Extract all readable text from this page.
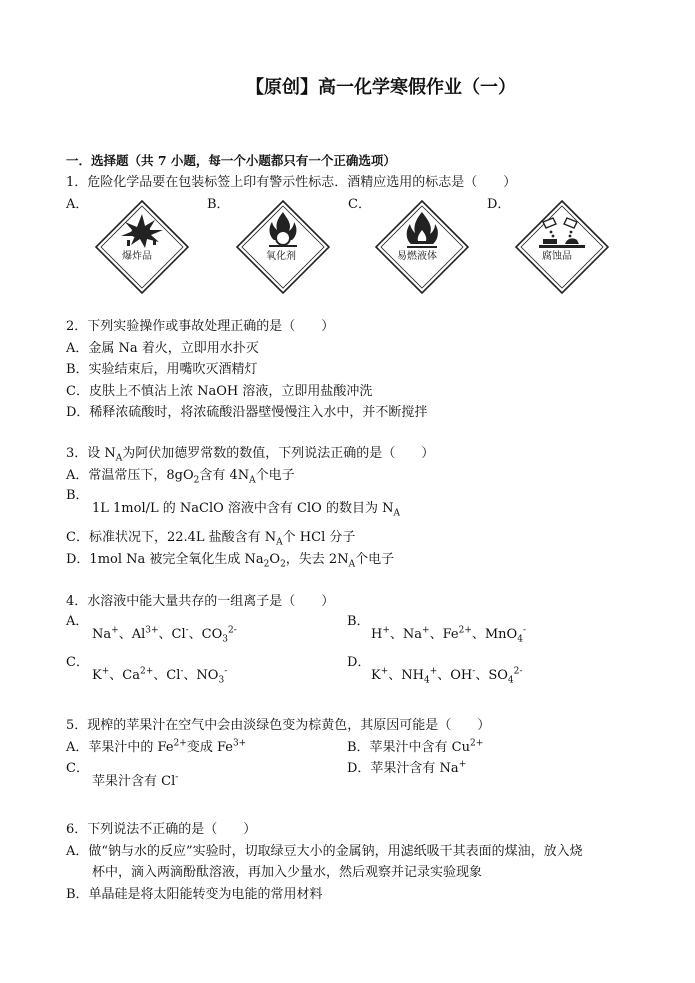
【原创】高一化学寒假作业（一）
一．选择题（共 7 小题，每一个小题都只有一个正确选项）
1．危险化学品要在包装标签上印有警示性标志．酒精应选用的标志是（　　）
A．	B．	C．	D．
爆炸品	氧化剂	易燃液体	腐蚀品
2．下列实验操作或事故处理正确的是（　　）
A．金属 Na 着火，立即用水扑灭
B．实验结束后，用嘴吹灭酒精灯
C．皮肤上不慎沾上浓 NaOH 溶液，立即用盐酸冲洗
D．稀释浓硫酸时，将浓硫酸沿器壁慢慢注入水中，并不断搅拌
3．设 $N_A$为阿伏加德罗常数的数值，下列说法正确的是（　　）
A．常温常压下，$8gO_2$含有 $4N_A$个电子
B．
1L 1mol/L 的 NaClO 溶液中含有 ClO 的数目为 $N_A$
C．标准状况下，22.4L 盐酸含有 $N_A$个 HCl 分子
D．1mol Na 被完全氧化生成 $Na_2O_2$，失去 $2N_A$个电子
4．水溶液中能大量共存的一组离子是（　　）
A．
Na+、$Al^{3+}$、Cl-、$CO_3^{2-}$
B．
H+、Na+、$Fe^{2+}$、MnO$_4$-
C．
K+、$Ca^{2+}$、Cl-、$NO_3^-$
D．
K+、$NH_4^+$、OH-、$SO_4^{2-}$
5．现榨的苹果汁在空气中会由淡绿色变为棕黄色，其原因可能是（　　）
A．苹果汁中的 $Fe^{2+}$变成 $Fe^{3+}$	B．苹果汁中含有 $Cu^{2+}$
C．
苹果汁含有 Cl-
D．苹果汁含有 Na+
6．下列说法不正确的是（　　）
A．做“钠与水的反应”实验时，切取绿豆大小的金属钠，用滤纸吸干其表面的煤油，放入烧
杯中，滴入两滴酚酞溶液，再加入少量水，然后观察并记录实验现象
B．单晶硅是将太阳能转变为电能的常用材料
